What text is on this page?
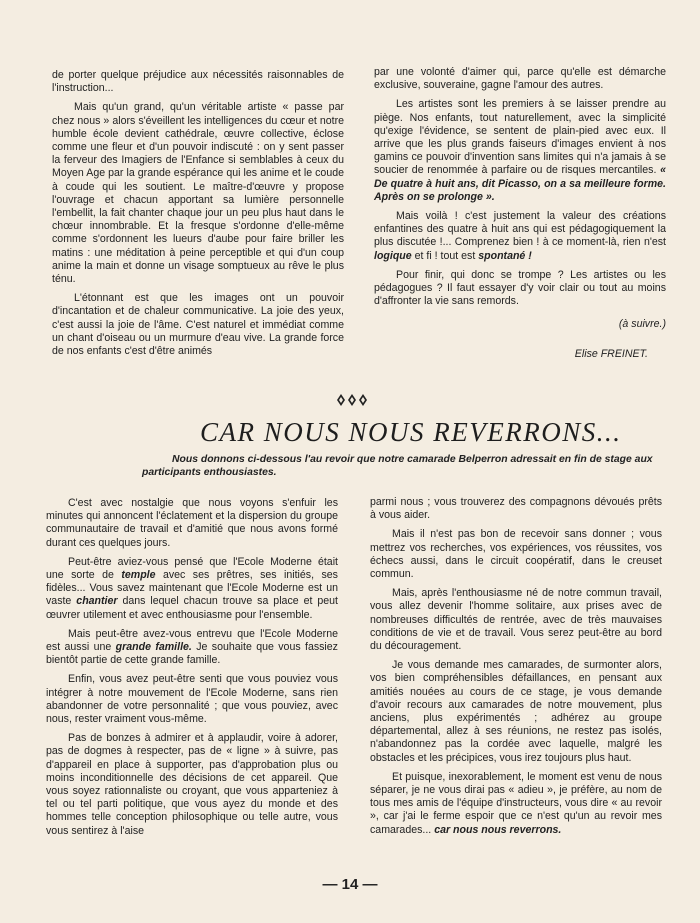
de porter quelque préjudice aux nécessités raisonnables de l'instruction...

Mais qu'un grand, qu'un véritable artiste « passe par chez nous » alors s'éveillent les intelligences du cœur et notre humble école devient cathédrale, œuvre collective, éclose comme une fleur et d'un pouvoir indiscuté : on y sent passer la ferveur des Imagiers de l'Enfance si semblables à ceux du Moyen Age par la grande espérance qui les anime et le coude à coude qui les soutient. Le maître-d'œuvre y propose l'ouvrage et chacun apportant sa lumière personnelle l'embellit, la fait chanter chaque jour un peu plus haut dans le chœur innombrable. Et la fresque s'ordonne d'elle-même comme s'ordonnent les lueurs d'aube pour faire briller les matins : une méditation à peine perceptible et qui d'un coup anime la main et donne un visage somptueux au rêve le plus ténu.

L'étonnant est que les images ont un pouvoir d'incantation et de chaleur communicative. La joie des yeux, c'est aussi la joie de l'âme. C'est naturel et immédiat comme un chant d'oiseau ou un murmure d'eau vive. La grande force de nos enfants c'est d'être animés

par une volonté d'aimer qui, parce qu'elle est démarche exclusive, souveraine, gagne l'amour des autres.

Les artistes sont les premiers à se laisser prendre au piège. Nos enfants, tout naturellement, avec la simplicité qu'exige l'évidence, se sentent de plain-pied avec eux. Il arrive que les plus grands faiseurs d'images envient à nos gamins ce pouvoir d'invention sans limites qui n'a jamais à se soucier de renommée à parfaire ou de risques mercantiles. « De quatre à huit ans, dit Picasso, on a sa meilleure forme. Après on se prolonge ».

Mais voilà ! c'est justement la valeur des créations enfantines des quatre à huit ans qui est pédagogiquement la plus discutée !... Comprenez bien ! à ce moment-là, rien n'est logique et fi ! tout est spontané !

Pour finir, qui donc se trompe ? Les artistes ou les pédagogues ? Il faut essayer d'y voir clair ou tout au moins d'affronter la vie sans remords.

(à suivre.)

Elise FREINET.

CAR NOUS NOUS REVERRONS...
Nous donnons ci-dessous l'au revoir que notre camarade Belperron adressait en fin de stage aux participants enthousiastes.

C'est avec nostalgie que nous voyons s'enfuir les minutes qui annoncent l'éclatement et la dispersion du groupe communautaire de travail et d'amitié que nous avons formé durant ces quelques jours.

Peut-être aviez-vous pensé que l'Ecole Moderne était une sorte de temple avec ses prêtres, ses initiés, ses fidèles... Vous savez maintenant que l'Ecole Moderne est un vaste chantier dans lequel chacun trouve sa place et peut œuvrer utilement et avec enthousiasme pour l'ensemble.

Mais peut-être avez-vous entrevu que l'Ecole Moderne est aussi une grande famille. Je souhaite que vous fassiez bientôt partie de cette grande famille.

Enfin, vous avez peut-être senti que vous pouviez vous intégrer à notre mouvement de l'Ecole Moderne, sans rien abandonner de votre personnalité ; que vous pouviez, avec nous, rester vraiment vous-même.

Pas de bonzes à admirer et à applaudir, voire à adorer, pas de dogmes à respecter, pas de « ligne » à suivre, pas d'appareil en place à supporter, pas d'approbation plus ou moins inconditionnelle des décisions de cet appareil. Que vous soyez rationnaliste ou croyant, que vous apparteniez à tel ou tel parti politique, que vous ayez du monde et des hommes telle conception philosophique ou telle autre, vous vous sentirez à l'aise

parmi nous ; vous trouverez des compagnons dévoués prêts à vous aider.

Mais il n'est pas bon de recevoir sans donner ; vous mettrez vos recherches, vos expériences, vos réussites, vos échecs aussi, dans le circuit coopératif, dans le creuset commun.

Mais, après l'enthousiasme né de notre commun travail, vous allez devenir l'homme solitaire, aux prises avec de nombreuses difficultés de rentrée, avec de très mauvaises conditions de vie et de travail. Vous serez peut-être au bord du découragement.

Je vous demande mes camarades, de surmonter alors, vos bien compréhensibles défaillances, en pensant aux amitiés nouées au cours de ce stage, je vous demande d'avoir recours aux camarades de notre mouvement, plus anciens, plus expérimentés ; adhérez au groupe départemental, allez à ses réunions, ne restez pas isolés, n'abandonnez pas la cordée avec laquelle, malgré les obstacles et les précipices, vous irez toujours plus haut.

Et puisque, inexorablement, le moment est venu de nous séparer, je ne vous dirai pas « adieu », je préfère, au nom de tous mes amis de l'équipe d'instructeurs, vous dire « au revoir », car j'ai le ferme espoir que ce n'est qu'un au revoir mes camarades... car nous nous reverrons.

— 14 —
